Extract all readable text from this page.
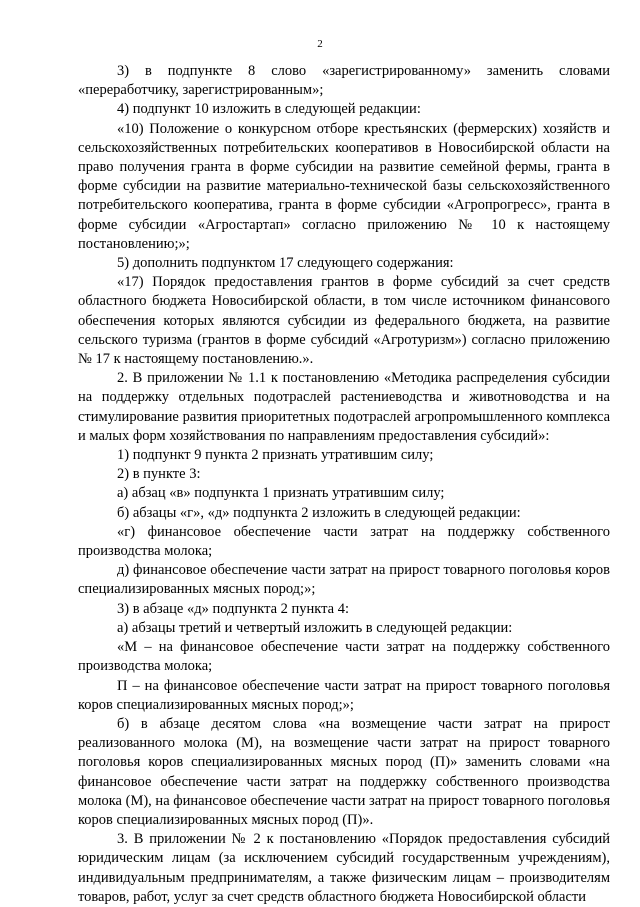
2

3) в подпункте 8 слово «зарегистрированному» заменить словами «переработчику, зарегистрированным»;

4) подпункт 10 изложить в следующей редакции:

«10) Положение о конкурсном отборе крестьянских (фермерских) хозяйств и сельскохозяйственных потребительских кооперативов в Новосибирской области на право получения гранта в форме субсидии на развитие семейной фермы, гранта в форме субсидии на развитие материально-технической базы сельскохозяйственного потребительского кооператива, гранта в форме субсидии «Агропрогресс», гранта в форме субсидии «Агростартап» согласно приложению № 10 к настоящему постановлению;»;

5) дополнить подпунктом 17 следующего содержания:

«17) Порядок предоставления грантов в форме субсидий за счет средств областного бюджета Новосибирской области, в том числе источником финансового обеспечения которых являются субсидии из федерального бюджета, на развитие сельского туризма (грантов в форме субсидий «Агротуризм») согласно приложению № 17 к настоящему постановлению.».

2. В приложении № 1.1 к постановлению «Методика распределения субсидии на поддержку отдельных подотраслей растениеводства и животноводства и на стимулирование развития приоритетных подотраслей агропромышленного комплекса и малых форм хозяйствования по направлениям предоставления субсидий»:

1) подпункт 9 пункта 2 признать утратившим силу;

2) в пункте 3:

а) абзац «в» подпункта 1 признать утратившим силу;

б) абзацы «г», «д» подпункта 2 изложить в следующей редакции:

«г) финансовое обеспечение части затрат на поддержку собственного производства молока;

д) финансовое обеспечение части затрат на прирост товарного поголовья коров специализированных мясных пород;»;

3) в абзаце «д» подпункта 2 пункта 4:

а) абзацы третий и четвертый изложить в следующей редакции:

«М – на финансовое обеспечение части затрат на поддержку собственного производства молока;

П – на финансовое обеспечение части затрат на прирост товарного поголовья коров специализированных мясных пород;»;

б) в абзаце десятом слова «на возмещение части затрат на прирост реализованного молока (М), на возмещение части затрат на прирост товарного поголовья коров специализированных мясных пород (П)» заменить словами «на финансовое обеспечение части затрат на поддержку собственного производства молока (М), на финансовое обеспечение части затрат на прирост товарного поголовья коров специализированных мясных пород (П)».

3. В приложении № 2 к постановлению «Порядок предоставления субсидий юридическим лицам (за исключением субсидий государственным учреждениям), индивидуальным предпринимателям, а также физическим лицам – производителям товаров, работ, услуг за счет средств областного бюджета Новосибирской области
